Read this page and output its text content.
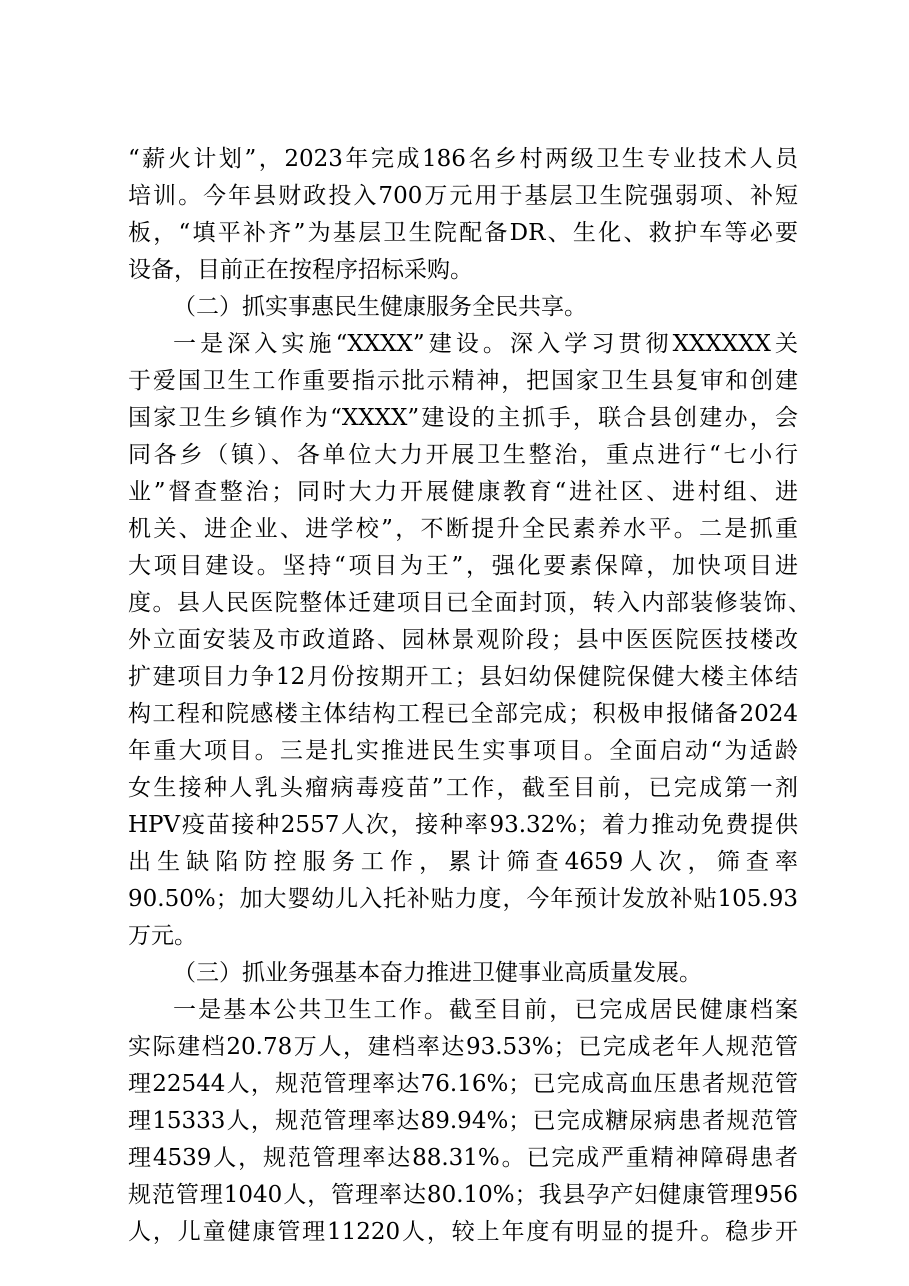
“薪火计划”，2023年完成186名乡村两级卫生专业技术人员
培训。今年县财政投入700万元用于基层卫生院强弱项、补短
板，“填平补齐”为基层卫生院配备DR、生化、救护车等必要
设备，目前正在按程序招标采购。
（二）抓实事惠民生健康服务全民共享。
一是深入实施“XXXX”建设。深入学习贯彻XXXXXX关
于爱国卫生工作重要指示批示精神，把国家卫生县复审和创建
国家卫生乡镇作为“XXXX”建设的主抓手，联合县创建办，会
同各乡（镇）、各单位大力开展卫生整治，重点进行“七小行
业”督查整治；同时大力开展健康教育“进社区、进村组、进
机关、进企业、进学校”，不断提升全民素养水平。二是抓重
大项目建设。坚持“项目为王”，强化要素保障，加快项目进
度。县人民医院整体迁建项目已全面封顶，转入内部装修装饰、
外立面安装及市政道路、园林景观阶段；县中医医院医技楼改
扩建项目力争12月份按期开工；县妇幼保健院保健大楼主体结
构工程和院感楼主体结构工程已全部完成；积极申报储备2024
年重大项目。三是扎实推进民生实事项目。全面启动“为适龄
女生接种人乳头瘤病毒疫苗”工作，截至目前，已完成第一剂
HPV疫苗接种2557人次，接种率93.32%；着力推动免费提供
出生缺陷防控服务工作，累计筛查4659人次，筛查率
90.50%；加大婴幼儿入托补贴力度，今年预计发放补贴105.93
万元。
（三）抓业务强基本奋力推进卫健事业高质量发展。
一是基本公共卫生工作。截至目前，已完成居民健康档案
实际建档20.78万人，建档率达93.53%；已完成老年人规范管
理22544人，规范管理率达76.16%；已完成高血压患者规范管
理15333人，规范管理率达89.94%；已完成糖尿病患者规范管
理4539人，规范管理率达88.31%。已完成严重精神障碍患者
规范管理1040人，管理率达80.10%；我县孕产妇健康管理956
人，儿童健康管理11220人，较上年度有明显的提升。稳步开
